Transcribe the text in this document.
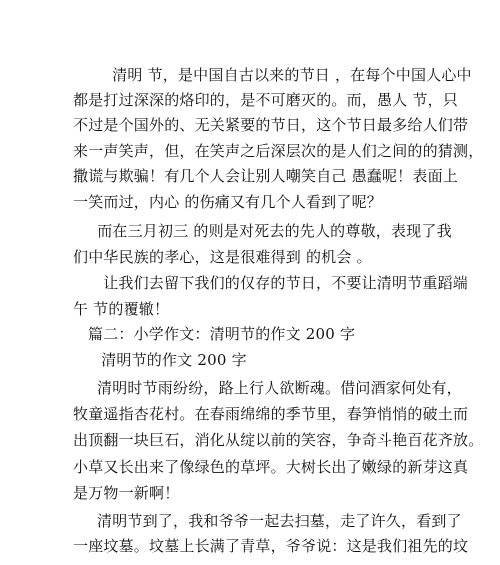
　清明 节，是中国自古以来的节日 ，在每个中国人心中
都是打过深深的烙印的，是不可磨灭的。而，愚人 节，只
不过是个国外的、无关紧要的节日，这个节日最多给人们带
来一声笑声，但，在笑声之后深层次的是人们之间的的猜测，
撒谎与欺骗！有几个人会让别人嘲笑自己 愚蠢呢！表面上
一笑而过，内心 的伤痛又有几个人看到了呢？
　而在三月初三 的则是对死去的先人的尊敬，表现了我
们中华民族的孝心，这是很难得到 的机会 。
　让我们去留下我们的仅存的节日，不要让清明节重蹈端
午 节的覆辙！
篇二：小学作文：清明节的作文 200 字
　清明节的作文 200 字
清明时节雨纷纷，路上行人欲断魂。借问酒家何处有，
牧童遥指杏花村。在春雨绵绵的季节里，春笋悄悄的破土而
出顶翻一块巨石，消化从绽以前的笑容，争奇斗艳百花齐放。
小草又长出来了像绿色的草坪。大树长出了嫩绿的新芽这真
是万物一新啊！
清明节到了，我和爷爷一起去扫墓，走了许久，看到了
一座坟墓。坟墓上长满了青草，爷爷说：这是我们祖先的坟
